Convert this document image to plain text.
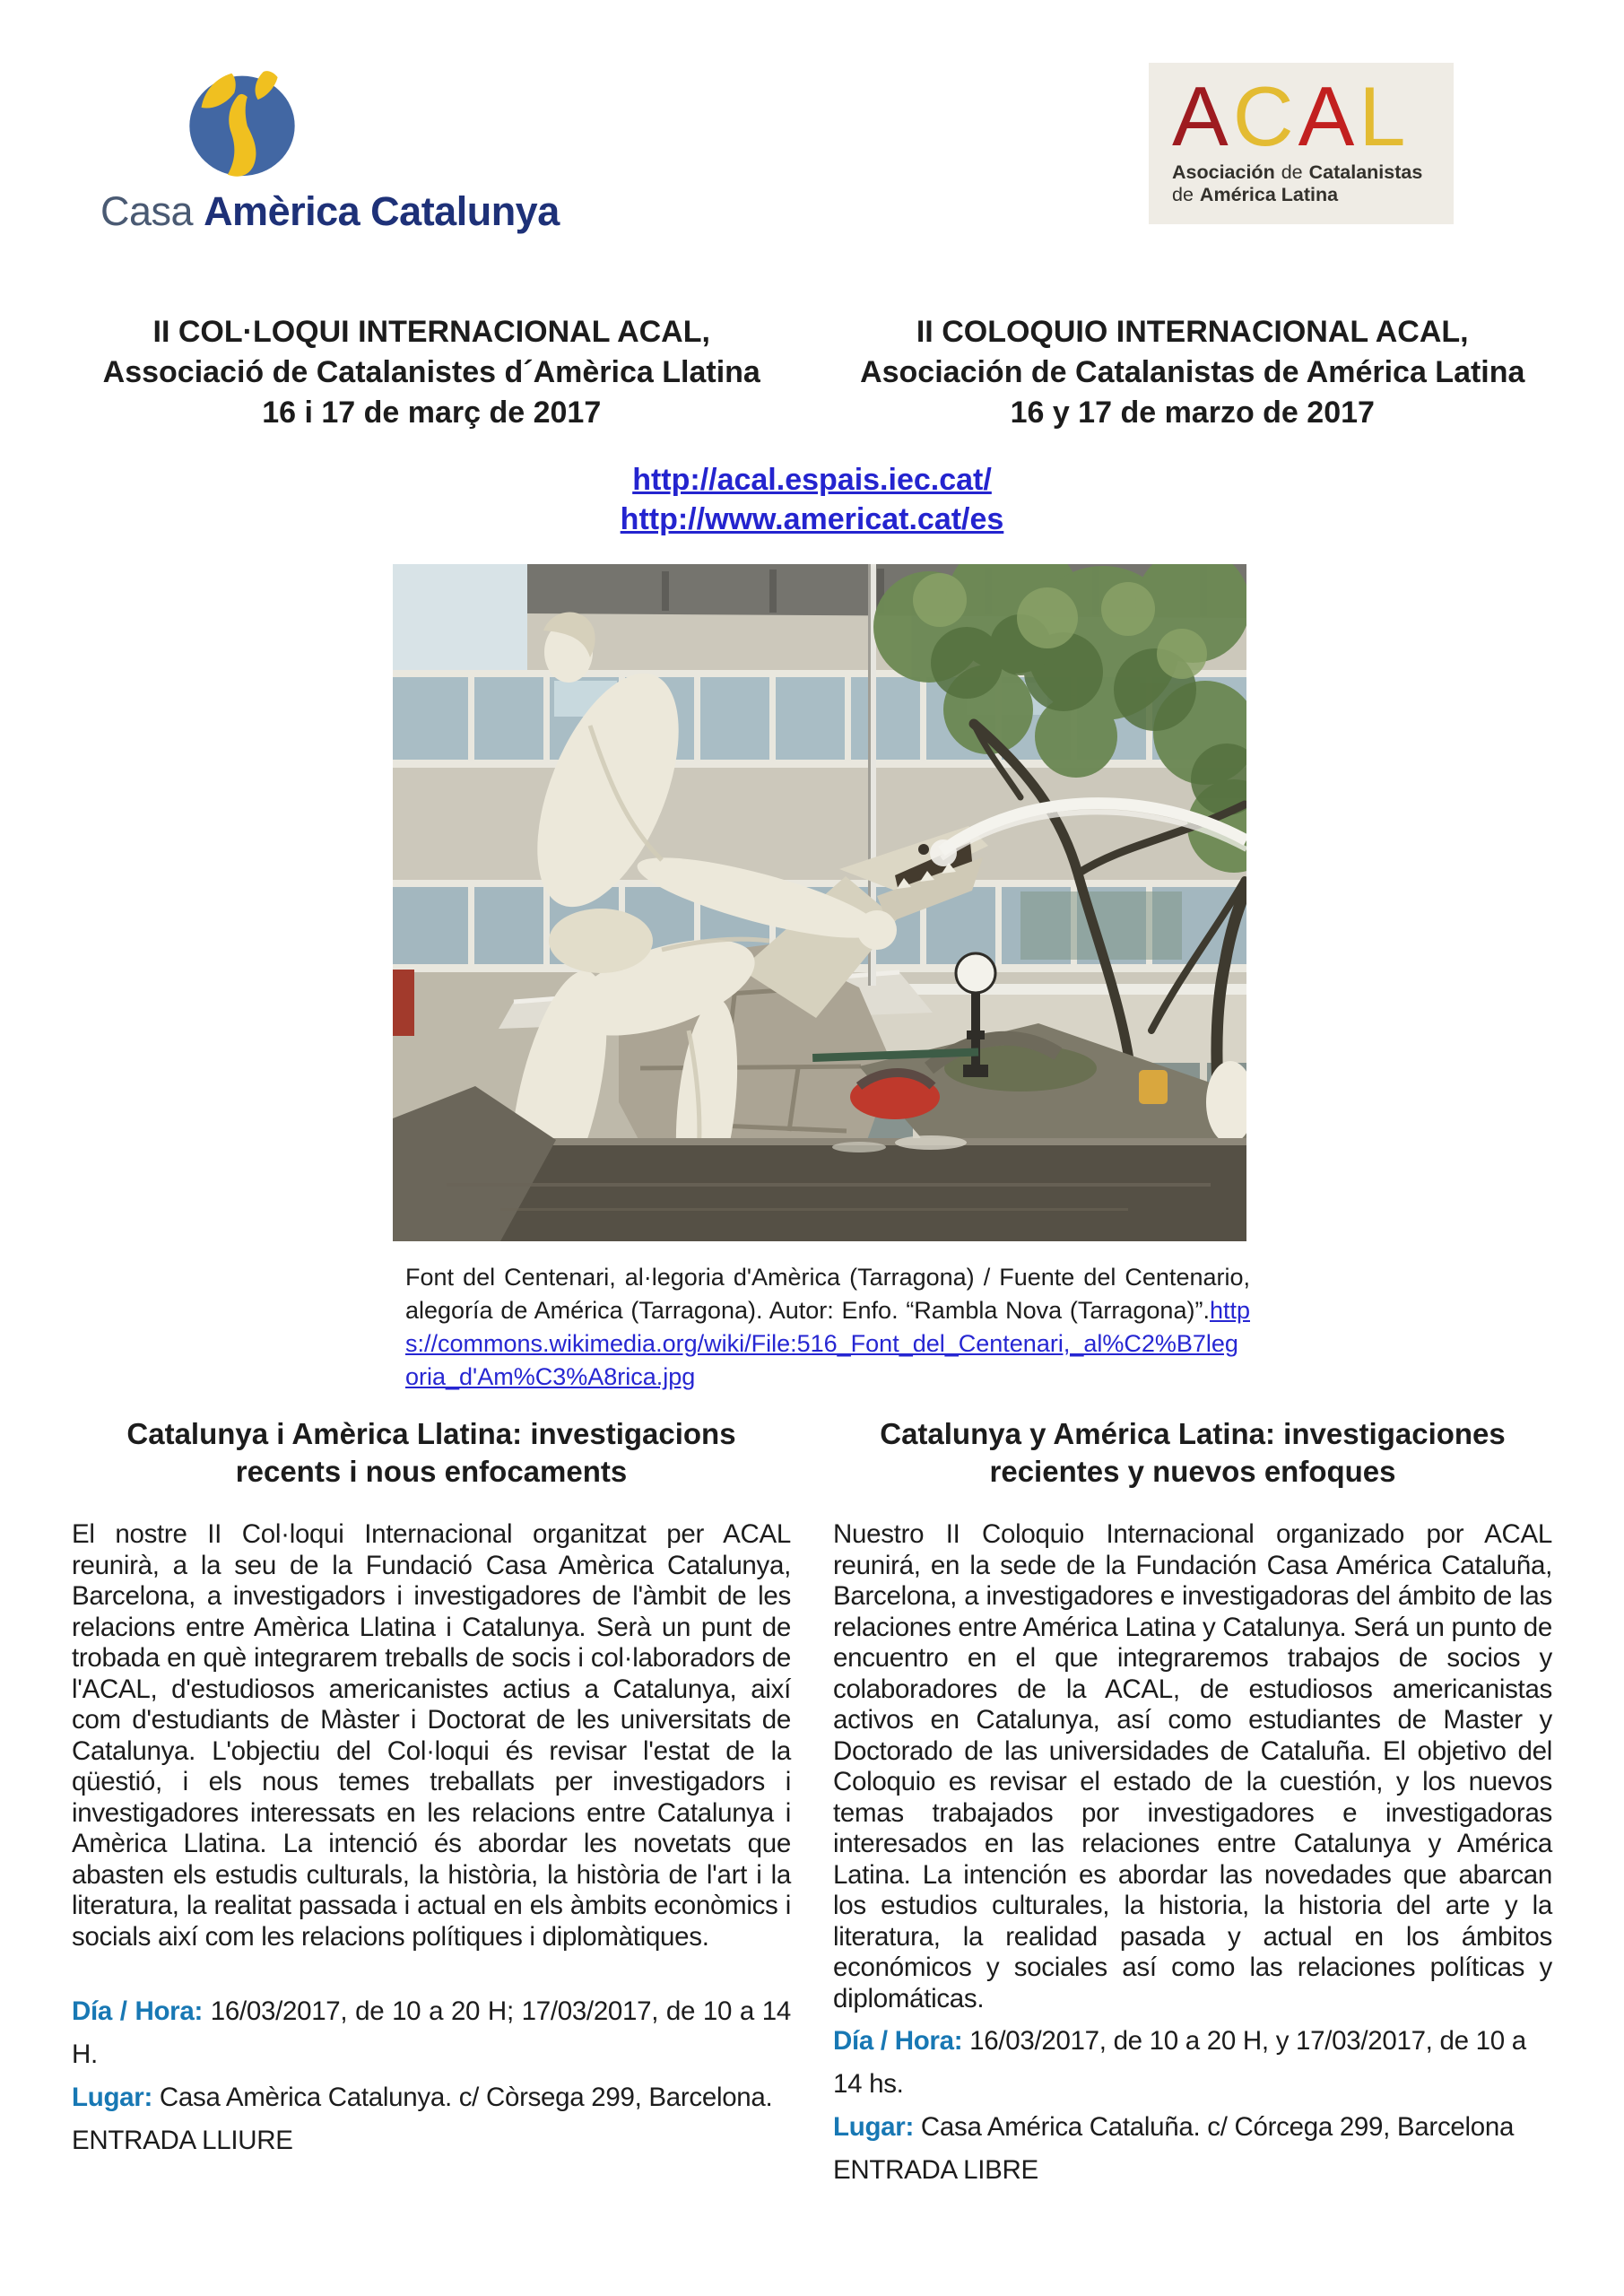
Casa Amèrica Catalunya
ACAL
Asociación de Catalanistas
de América Latina
II COL·LOQUI INTERNACIONAL ACAL,
Associació de Catalanistes d´Amèrica Llatina
16 i 17 de març de 2017
II COLOQUIO INTERNACIONAL ACAL,
Asociación de Catalanistas de América Latina
16 y 17 de marzo de 2017
http://acal.espais.iec.cat/
http://www.americat.cat/es

Font del Centenari, al·legoria d'Amèrica (Tarragona) / Fuente del Centenario, alegoría de América (Tarragona). Autor: Enfo. “Rambla Nova (Tarragona)”.https://commons.wikimedia.org/wiki/File:516_Font_del_Centenari,_al%C2%B7legoria_d'Am%C3%A8rica.jpg

Catalunya i Amèrica Llatina: investigacions recents i nous enfocaments

El nostre II Col·loqui Internacional organitzat per ACAL reunirà, a la seu de la Fundació Casa Amèrica Catalunya, Barcelona, a investigadors i investigadores de l'àmbit de les relacions entre Amèrica Llatina i Catalunya. Serà un punt de trobada en què integrarem treballs de socis i col·laboradors de l'ACAL, d'estudiosos americanistes actius a Catalunya, així com d'estudiants de Màster i Doctorat de les universitats de Catalunya. L'objectiu del Col·loqui és revisar l'estat de la qüestió, i els nous temes treballats per investigadors i investigadores interessats en les relacions entre Catalunya i Amèrica Llatina. La intenció és abordar les novetats que abasten els estudis culturals, la història, la història de l'art i la literatura, la realitat passada i actual en els àmbits econòmics i socials així com les relacions polítiques i diplomàtiques.

Día / Hora: 16/03/2017, de 10 a 20 H; 17/03/2017, de 10 a 14 H.

Lugar: Casa Amèrica Catalunya. c/ Còrsega 299, Barcelona.

ENTRADA LLIURE

Catalunya y América Latina: investigaciones recientes y nuevos enfoques

Nuestro II Coloquio Internacional organizado por ACAL reunirá, en la sede de la Fundación Casa América Cataluña, Barcelona, a investigadores e investigadoras del ámbito de las relaciones entre América Latina y Catalunya. Será un punto de encuentro en el que integraremos trabajos de socios y colaboradores de la ACAL, de estudiosos americanistas activos en Catalunya, así como estudiantes de Master y Doctorado de las universidades de Cataluña. El objetivo del Coloquio es revisar el estado de la cuestión, y los nuevos temas trabajados por investigadores e investigadoras interesados en las relaciones entre Catalunya y América Latina. La intención es abordar las novedades que abarcan los estudios culturales, la historia, la historia del arte y la literatura, la realidad pasada y actual en los ámbitos económicos y sociales así como las relaciones políticas y diplomáticas.

Día / Hora: 16/03/2017, de 10 a 20 H, y 17/03/2017, de 10 a 14 hs.

Lugar: Casa América Cataluña. c/ Córcega 299, Barcelona

ENTRADA LIBRE
